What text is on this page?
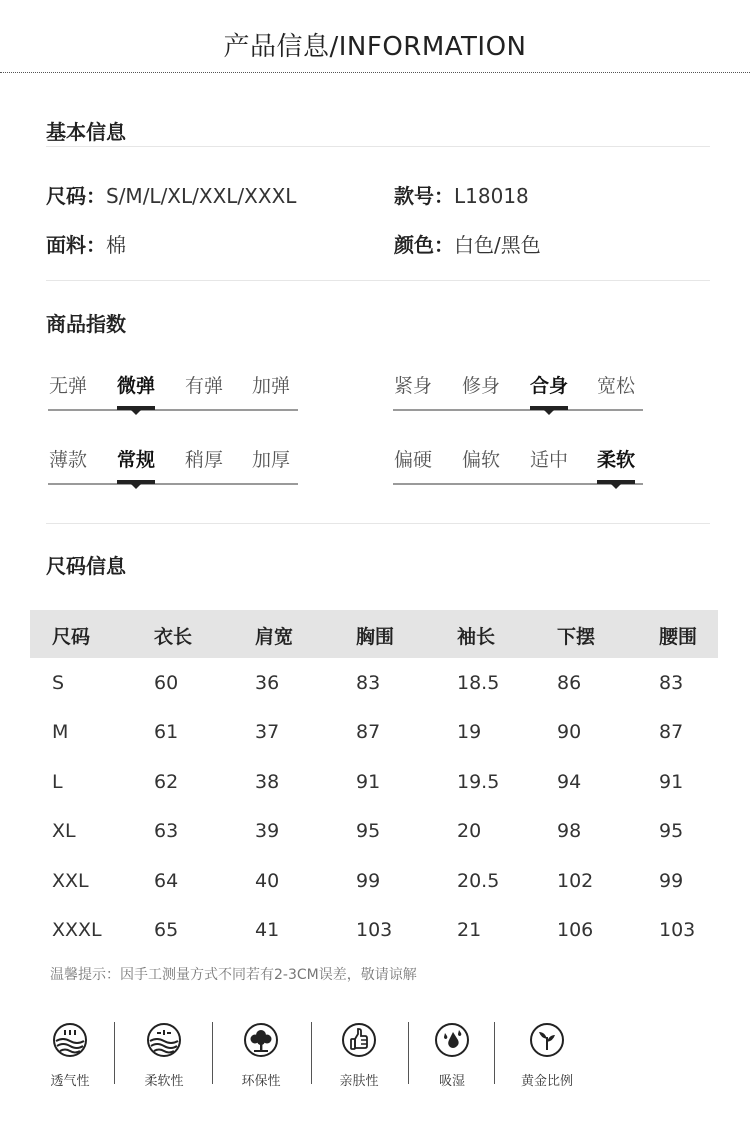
产品信息/INFORMATION
基本信息
尺码：S/M/L/XL/XXL/XXXL	款号：L18018
面料：棉	颜色：白色/黑色
商品指数
无弹 微弹 有弹 加弹	紧身 修身 合身 宽松
薄款 常规 稍厚 加厚	偏硬 偏软 适中 柔软
尺码信息
尺码	衣长	肩宽	胸围	袖长	下摆	腰围
S	60	36	83	18.5	86	83
M	61	37	87	19	90	87
L	62	38	91	19.5	94	91
XL	63	39	95	20	98	95
XXL	64	40	99	20.5	102	99
XXXL	65	41	103	21	106	103
温馨提示：因手工测量方式不同若有2-3CM误差，敬请谅解
透气性	柔软性	环保性	亲肤性	吸湿	黄金比例
